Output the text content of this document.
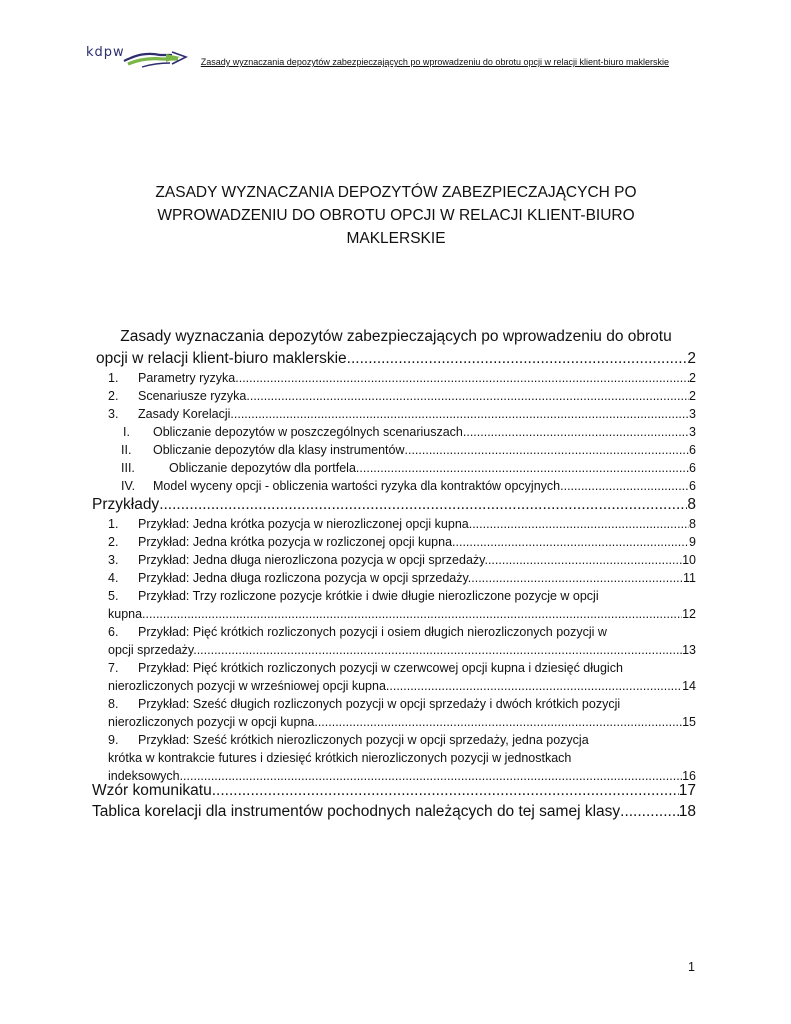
kdpw
Zasady wyznaczania depozytów zabezpieczających po wprowadzeniu do obrotu opcji w relacji klient-biuro maklerskie
ZASADY WYZNACZANIA DEPOZYTÓW ZABEZPIECZAJĄCYCH PO
WPROWADZENIU DO OBROTU OPCJI W RELACJI KLIENT-BIURO
MAKLERSKIE
Zasady wyznaczania depozytów zabezpieczających po wprowadzeniu do obrotu
opcji w relacji klient-biuro maklerskie .....	2
1. Parametry ryzyka .....	2
2. Scenariusze ryzyka .....	2
3. Zasady Korelacji .....	3
I. Obliczanie depozytów w poszczególnych scenariuszach .....	3
II. Obliczanie depozytów dla klasy instrumentów .....	6
III.	Obliczanie depozytów dla portfela .....	6
IV. Model wyceny opcji - obliczenia wartości ryzyka dla kontraktów opcyjnych .....	6
Przykłady .....	8
1. Przykład: Jedna krótka pozycja w nierozliczonej opcji kupna. .....	8
2. Przykład: Jedna krótka pozycja w rozliczonej opcji kupna. .....	9
3. Przykład: Jedna długa nierozliczona pozycja w opcji sprzedaży. .....	10
4. Przykład: Jedna długa rozliczona pozycja w opcji sprzedaży. .....	11
5. Przykład: Trzy rozliczone pozycje krótkie i dwie długie nierozliczone pozycje w opcji
kupna. .....	12
6. Przykład: Pięć krótkich rozliczonych pozycji i osiem długich nierozliczonych pozycji w
opcji sprzedaży. .....	13
7. Przykład: Pięć krótkich rozliczonych pozycji w czerwcowej opcji kupna i dziesięć długich
nierozliczonych pozycji w wrześniowej opcji kupna. .....	14
8. Przykład: Sześć długich rozliczonych pozycji w opcji sprzedaży i dwóch krótkich pozycji
nierozliczonych pozycji w opcji kupna. .....	15
9. Przykład: Sześć krótkich nierozliczonych pozycji w opcji sprzedaży, jedna pozycja
krótka w kontrakcie futures i dziesięć krótkich nierozliczonych pozycji w jednostkach
indeksowych. .....	16
Wzór komunikatu .....	17
Tablica korelacji dla instrumentów pochodnych należących do tej samej klasy .....	18
1
